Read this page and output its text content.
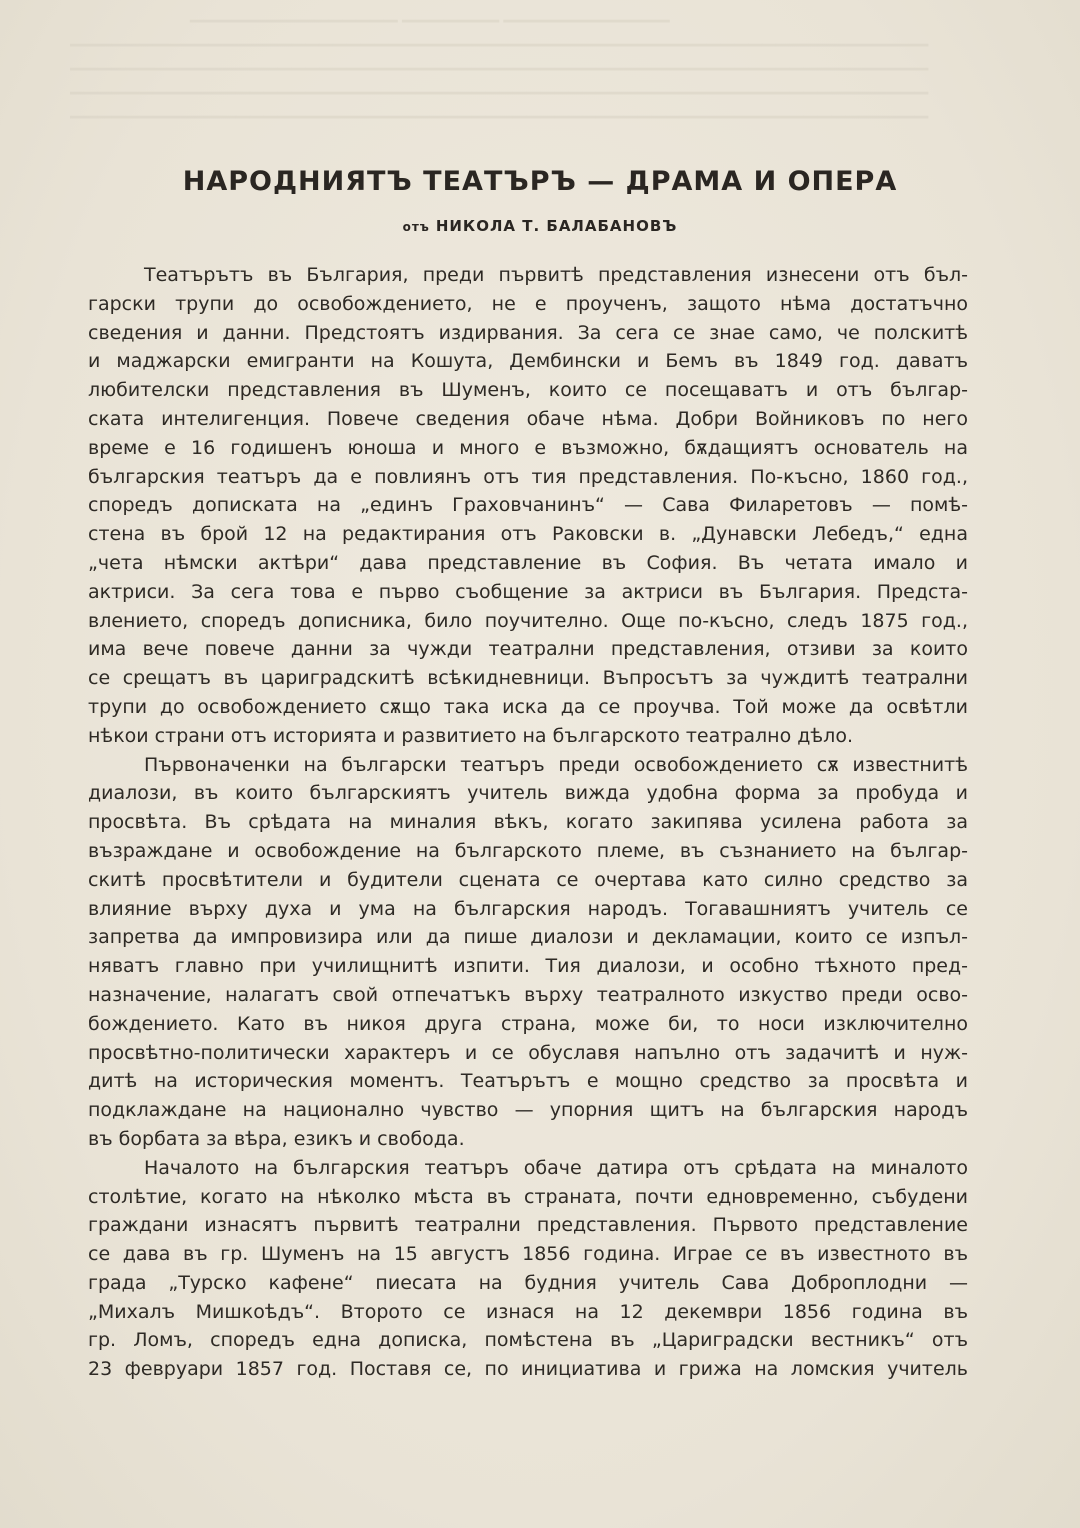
▁▁▁▁▁▁▁▁▁▁▁▁▁▁▁ ▁▁▁▁▁▁▁ ▁▁▁▁▁▁▁▁▁▁▁▁
▁▁▁▁▁▁▁▁▁▁▁▁▁▁▁▁▁▁▁▁▁▁▁▁▁▁▁▁▁▁▁▁▁▁▁▁▁▁▁▁▁▁▁▁▁▁▁▁▁▁▁▁▁▁▁▁▁▁▁▁▁▁
▁▁▁▁▁▁▁▁▁▁▁▁▁▁▁▁▁▁▁▁▁▁▁▁▁▁▁▁▁▁▁▁▁▁▁▁▁▁▁▁▁▁▁▁▁▁▁▁▁▁▁▁▁▁▁▁▁▁▁▁▁▁
▁▁▁▁▁▁▁▁▁▁▁▁▁▁▁▁▁▁▁▁▁▁▁▁▁▁▁▁▁▁▁▁▁▁▁▁▁▁▁▁▁▁▁▁▁▁▁▁▁▁▁▁▁▁▁▁▁▁▁▁▁▁
▁▁▁▁▁▁▁▁▁▁▁▁▁▁▁▁▁▁▁▁▁▁▁▁▁▁▁▁▁▁▁▁▁▁▁▁▁▁▁▁▁▁▁▁▁▁▁▁▁▁▁▁▁▁▁▁▁▁▁▁▁▁
НАРОДНИЯТЪ ТЕАТЪРЪ — ДРАМА И ОПЕРА
отъ НИКОЛА Т. БАЛАБАНОВЪ
Театърътъ въ България, преди първитѣ представления изнесени отъ бъл-
гарски трупи до освобождението, не е проученъ, защото нѣма достатъчно
сведения и данни. Предстоятъ издирвания. За сега се знае само, че полскитѣ
и маджарски емигранти на Кошута, Дембински и Бемъ въ 1849 год. даватъ
любителски представления въ Шуменъ, които се посещаватъ и отъ българ-
ската интелигенция. Повече сведения обаче нѣма. Добри Войниковъ по него
време е 16 годишенъ юноша и много е възможно, бѫдащиятъ основатель на
българския театъръ да е повлиянъ отъ тия представления. По-късно, 1860 год.,
споредъ дописката на „единъ Граховчанинъ“ — Сава Филаретовъ — помѣ-
стена въ брой 12 на редактирания отъ Раковски в. „Дунавски Лебедъ,“ една
„чета нѣмски актѣри“ дава представление въ София. Въ четата имало и
актриси. За сега това е първо съобщение за актриси въ България. Предста-
влението, споредъ дописника, било поучително. Още по-късно, следъ 1875 год.,
има вече повече данни за чужди театрални представления, отзиви за които
се срещатъ въ цариградскитѣ всѣкидневници. Въпросътъ за чуждитѣ театрални
трупи до освобождението сѫщо така иска да се проучва. Той може да освѣтли
нѣкои страни отъ историята и развитието на българското театрално дѣло.
Първоначенки на български театъръ преди освобождението сѫ известнитѣ
диалози, въ които българскиятъ учитель вижда удобна форма за пробуда и
просвѣта. Въ срѣдата на миналия вѣкъ, когато закипява усилена работа за
възраждане и освобождение на българското племе, въ съзнанието на българ-
скитѣ просвѣтители и будители сцената се очертава като силно средство за
влияние върху духа и ума на българския народъ. Тогавашниятъ учитель се
запретва да импровизира или да пише диалози и декламации, които се изпъл-
няватъ главно при училищнитѣ изпити. Тия диалози, и особно тѣхното пред-
назначение, налагатъ свой отпечатъкъ върху театралното изкуство преди осво-
бождението. Като въ никоя друга страна, може би, то носи изключително
просвѣтно-политически характеръ и се обуславя напълно отъ задачитѣ и нуж-
дитѣ на историческия моментъ. Театърътъ е мощно средство за просвѣта и
подклаждане на национално чувство — упорния щитъ на българския народъ
въ борбата за вѣра, езикъ и свобода.
Началото на българския театъръ обаче датира отъ срѣдата на миналото
столѣтие, когато на нѣколко мѣста въ страната, почти едновременно, събудени
граждани изнасятъ първитѣ театрални представления. Първото представление
се дава въ гр. Шуменъ на 15 августъ 1856 година. Играе се въ известното въ
града „Турско кафене“ пиесата на будния учитель Сава Доброплодни —
„Михалъ Мишкоѣдъ“. Второто се изнася на 12 декември 1856 година въ
гр. Ломъ, споредъ една дописка, помѣстена въ „Цариградски вестникъ“ отъ
23 февруари 1857 год. Поставя се, по инициатива и грижа на ломския учитель
